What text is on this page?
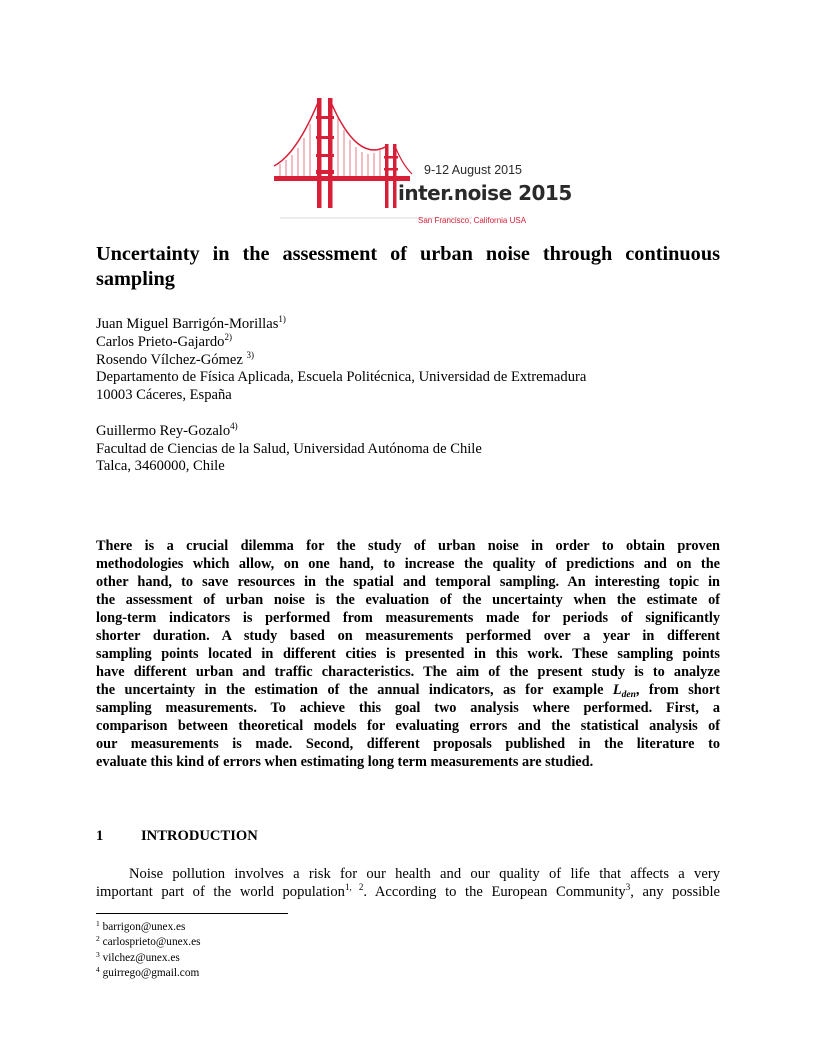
9-12 August 2015
inter.noise 2015
San Francisco, California USA
Uncertainty in the assessment of urban noise through continuous sampling
Juan Miguel Barrigón-Morillas$^{1)}$
Carlos Prieto-Gajardo$^{2)}$
Rosendo Vílchez-Gómez $^{3)}$
Departamento de Física Aplicada, Escuela Politécnica, Universidad de Extremadura
10003 Cáceres, España
Guillermo Rey-Gozalo$^{4)}$
Facultad de Ciencias de la Salud, Universidad Autónoma de Chile
Talca, 3460000, Chile
There is a crucial dilemma for the study of urban noise in order to obtain proven
methodologies which allow, on one hand, to increase the quality of predictions and on the
other hand, to save resources in the spatial and temporal sampling. An interesting topic in
the assessment of urban noise is the evaluation of the uncertainty when the estimate of
long-term indicators is performed from measurements made for periods of significantly
shorter duration. A study based on measurements performed over a year in different
sampling points located in different cities is presented in this work. These sampling points
have different urban and traffic characteristics. The aim of the present study is to analyze
the uncertainty in the estimation of the annual indicators, as for example $L_{den}$, from short
sampling measurements. To achieve this goal two analysis where performed. First, a
comparison between theoretical models for evaluating errors and the statistical analysis of
our measurements is made. Second, different proposals published in the literature to
evaluate this kind of errors when estimating long term measurements are studied.
1	INTRODUCTION
Noise pollution involves a risk for our health and our quality of life that affects a very
important part of the world population$^{1, 2}$. According to the European Community$^3$, any possible
$^1$ barrigon@unex.es
$^2$ carlosprieto@unex.es
$^3$ vilchez@unex.es
$^4$ guirrego@gmail.com
